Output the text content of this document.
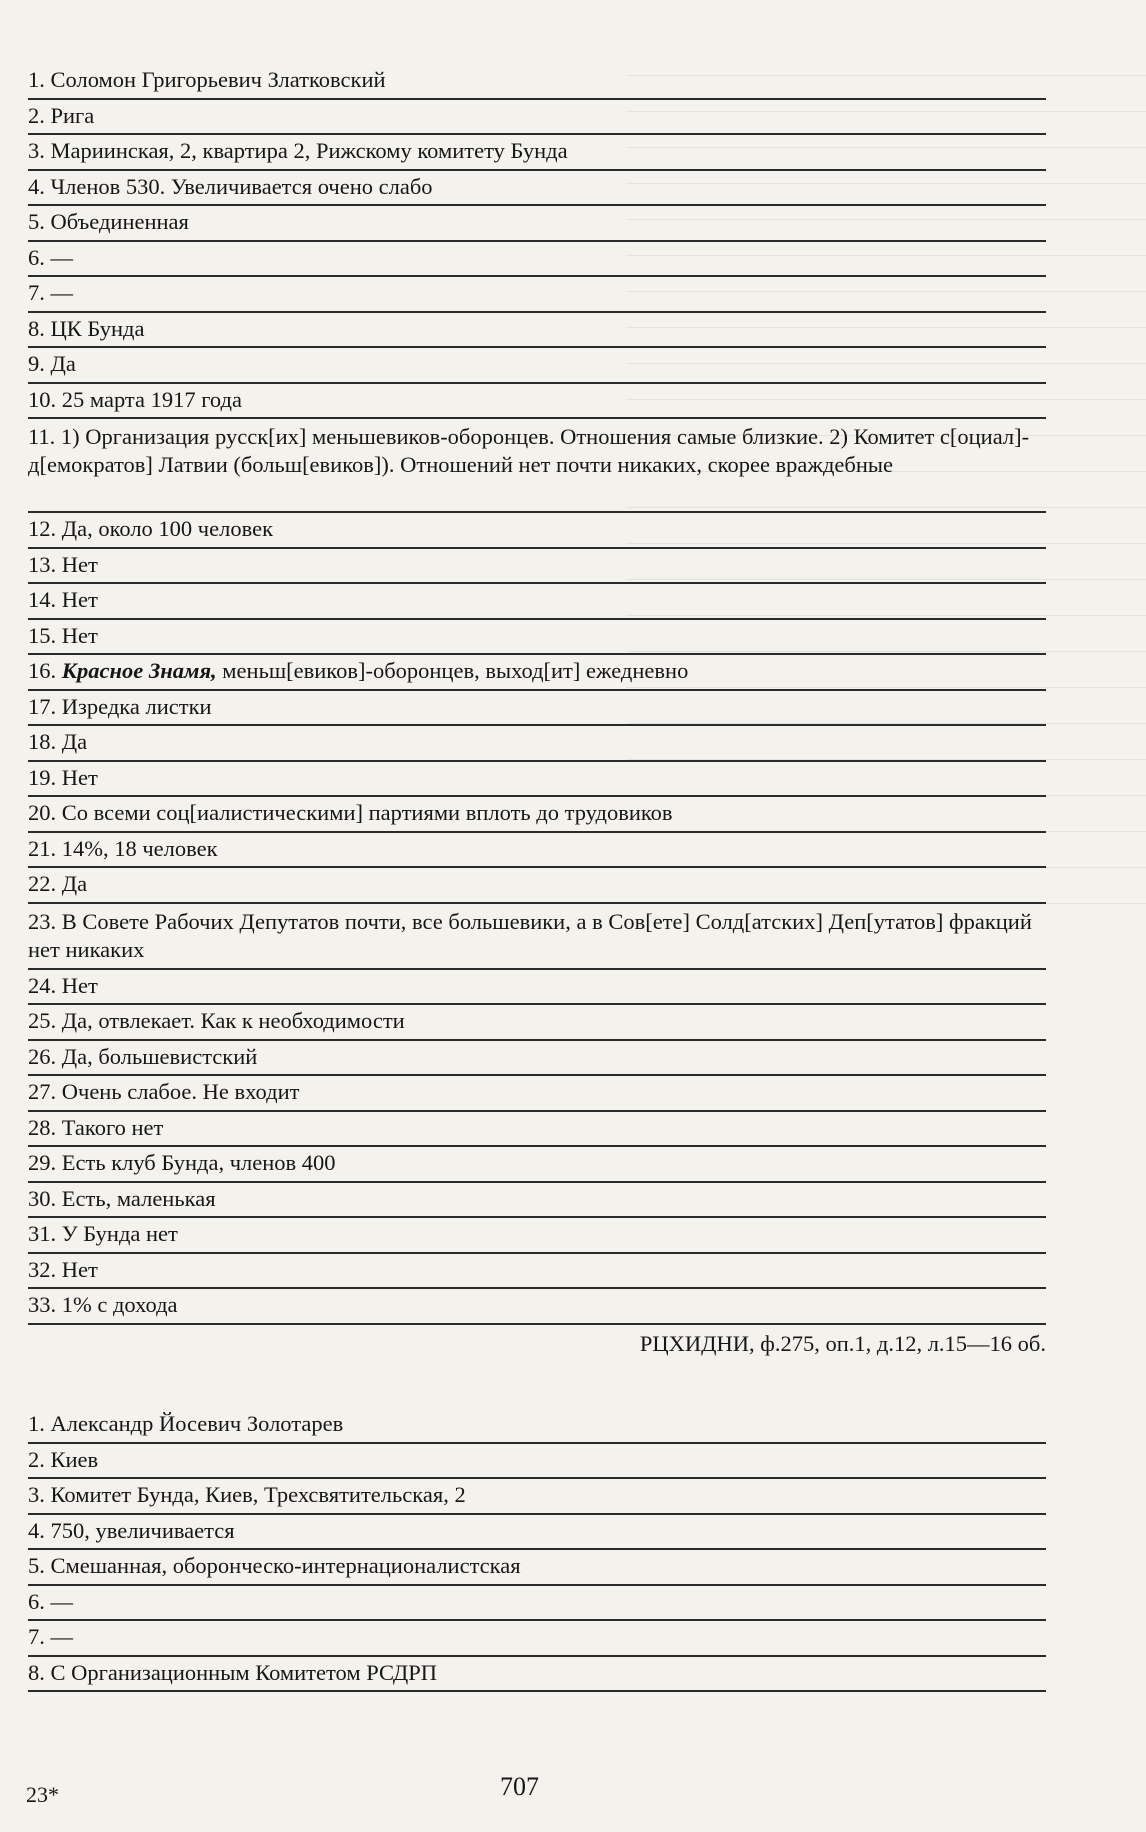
1. Соломон Григорьевич Златковский
2. Рига
3. Мариинская, 2, квартира 2, Рижскому комитету Бунда
4. Членов 530. Увеличивается очено слабо
5. Объединенная
6. —
7. —
8. ЦК Бунда
9. Да
10. 25 марта 1917 года
11. 1) Организация русск[их] меньшевиков-оборонцев. Отношения самые близкие. 2) Комитет с[оциал]-д[емократов] Латвии (больш[евиков]). Отношений нет почти никаких, скорее враждебные
12. Да, около 100 человек
13. Нет
14. Нет
15. Нет
16. Красное Знамя, меньш[евиков]-оборонцев, выход[ит] ежедневно
17. Изредка листки
18. Да
19. Нет
20. Со всеми соц[иалистическими] партиями вплоть до трудовиков
21. 14%, 18 человек
22. Да
23. В Совете Рабочих Депутатов почти, все большевики, а в Сов[ете] Солд[атских] Деп[утатов] фракций нет никаких
24. Нет
25. Да, отвлекает. Как к необходимости
26. Да, большевистский
27. Очень слабое. Не входит
28. Такого нет
29. Есть клуб Бунда, членов 400
30. Есть, маленькая
31. У Бунда нет
32. Нет
33. 1% с дохода
РЦХИДНИ, ф.275, оп.1, д.12, л.15—16 об.
1. Александр Йосевич Золотарев
2. Киев
3. Комитет Бунда, Киев, Трехсвятительская, 2
4. 750, увеличивается
5. Смешанная, оборонческо-интернационалистская
6. —
7. —
8. С Организационным Комитетом РСДРП
23*	707
